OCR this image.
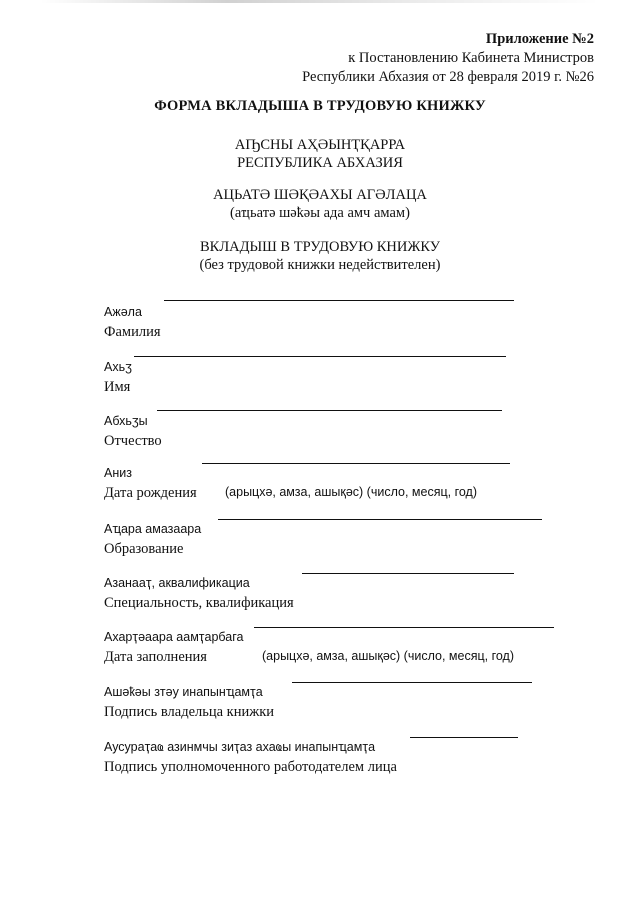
Приложение №2
к Постановлению Кабинета Министров
Республики Абхазия от 28 февраля 2019 г. №26
ФОРМА ВКЛАДЫША В ТРУДОВУЮ КНИЖКУ
АҦСНЫ АҲӘЫНҬҚАРРА
РЕСПУБЛИКА АБХАЗИЯ
АЦЬАТӘ ШӘҚӘАХЫ АГӘЛАЦА
(аҵьатә шәҟәы ада амч амам)
ВКЛАДЫШ В ТРУДОВУЮ КНИЖКУ
(без трудовой книжки недействителен)
Ажәла
Фамилия
Ахьӡ
Имя
Абхьӡы
Отчество
Аниз
Дата рождения (арыцхә, амза, ашықәс) (число, месяц, год)
Аҵара амазаара
Образование
Азанааҭ, аквалификациа
Специальность, квалификация
Ахарҭәаара аамҭарбага
Дата заполнения	(арыцхә, амза, ашықәс) (число, месяц, год)
Ашәҟәы зтәу инапынҵамҭа
Подпись владельца книжки
Аусураҭаҩ азинмчы зиҭаз ахаҩы инапынҵамҭа
Подпись уполномоченного работодателем лица
